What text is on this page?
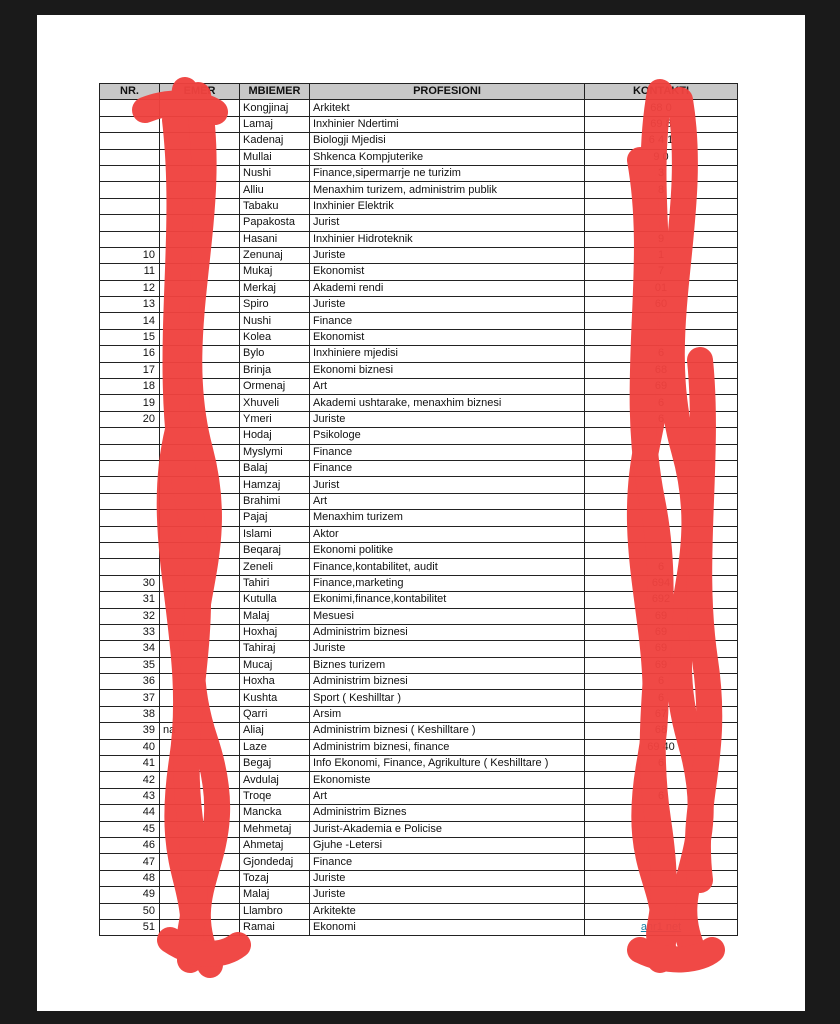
NR.	EMER	MBIEMER	PROFESIONI	KONTAKTI
		Kongjinaj	Arkitekt	68 0
		Lamaj	Inxhinier Ndertimi	69 8
		Kadenaj	Biologji Mjedisi	6 4 1
		Mullai	Shkenca Kompjuterike	9 0
		Nushi	Finance,sipermarrje ne turizim	3
		Alliu	Menaxhim turizem, administrim publik	8
		Tabaku	Inxhinier Elektrik	
		Papakosta	Jurist	
		Hasani	Inxhinier Hidroteknik	9
10		Zenunaj	Juriste	1
11		Mukaj	Ekonomist	7
12		Merkaj	Akademi rendi	01
13		Spiro	Juriste	60
14		Nushi	Finance	
15		Kolea	Ekonomist	
16		Bylo	Inxhiniere mjedisi	6
17		Brinja	Ekonomi biznesi	68
18		Ormenaj	Art	69
19		Xhuveli	Akademi ushtarake, menaxhim biznesi	6
20		Ymeri	Juriste	6
		Hodaj	Psikologe	
		Myslymi	Finance	
		Balaj	Finance	
		Hamzaj	Jurist	
		Brahimi	Art	
		Pajaj	Menaxhim turizem	
		Islami	Aktor	
		Beqaraj	Ekonomi politike	
		Zeneli	Finance,kontabilitet, audit	6
30		Tahiri	Finance,marketing	694
31		Kutulla	Ekonimi,finance,kontabilitet	692
32		Malaj	Mesuesi	69
33		Hoxhaj	Administrim biznesi	69
34		Tahiraj	Juriste	69
35		Mucaj	Biznes turizem	69
36		Hoxha	Administrim biznesi	6
37		Kushta	Sport ( Keshilltar )	6
38		Qarri	Arsim	67
39	na	Aliaj	Administrim biznesi ( Keshilltare )	68
40		Laze	Administrim biznesi, finance	69 40
41		Begaj	Info Ekonomi, Finance, Agrikulture ( Keshilltare )	6
42		Avdulaj	Ekonomiste	
43		Troqe	Art	6
44		Mancka	Administrim Biznes	
45		Mehmetaj	Jurist-Akademia e Policise	
46		Ahmetaj	Gjuhe -Letersi	
47		Gjondedaj	Finance	
48		Tozaj	Juriste	
49		Malaj	Juriste	
50		Llambro	Arkitekte	
51		Ramai	Ekonomi	anr1 net
